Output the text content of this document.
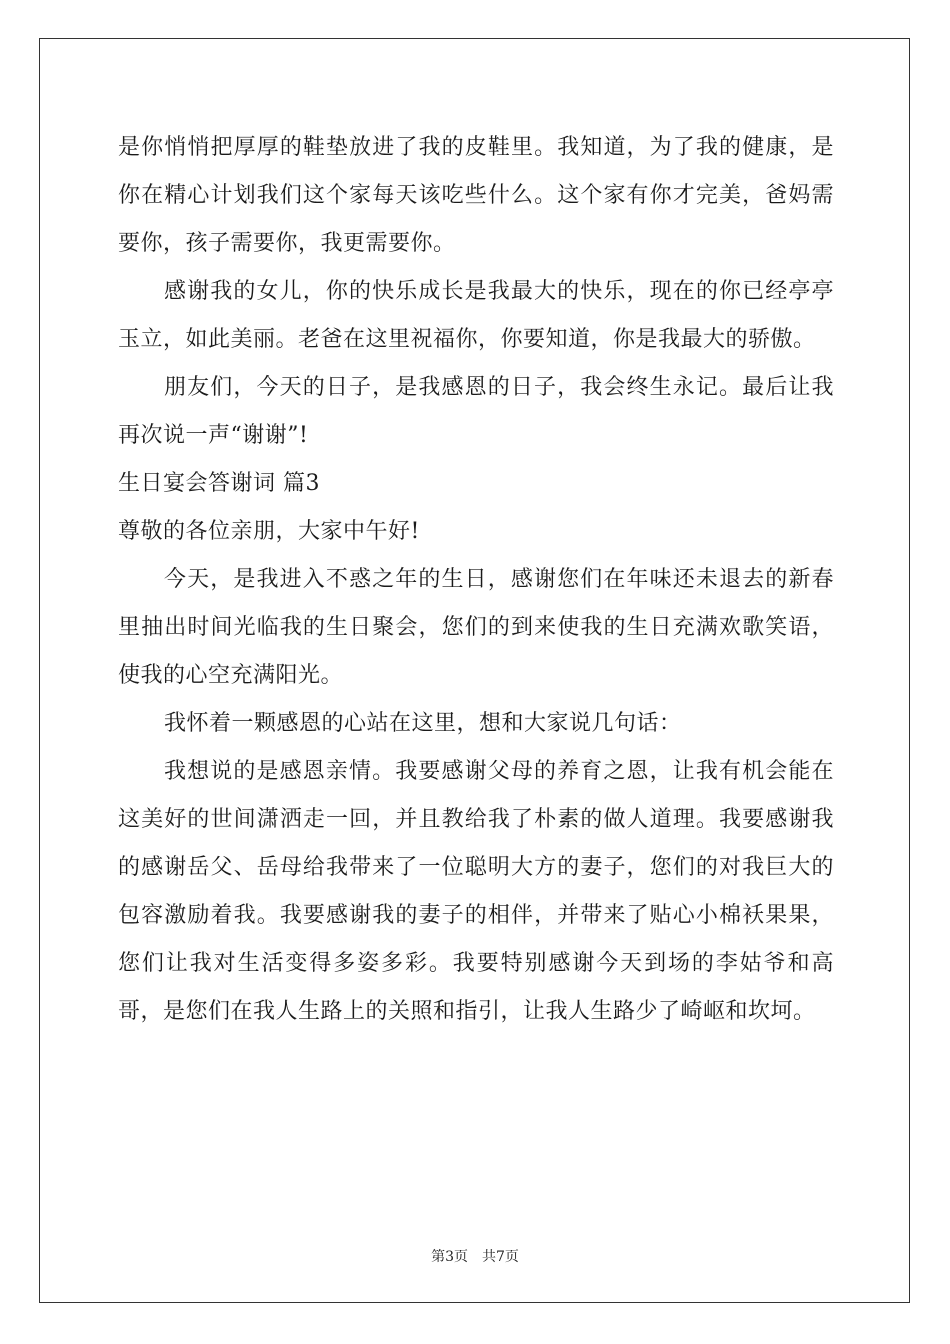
是你悄悄把厚厚的鞋垫放进了我的皮鞋里。我知道，为了我的健康，是你在精心计划我们这个家每天该吃些什么。这个家有你才完美，爸妈需要你，孩子需要你，我更需要你。

感谢我的女儿，你的快乐成长是我最大的快乐，现在的你已经亭亭玉立，如此美丽。老爸在这里祝福你，你要知道，你是我最大的骄傲。

朋友们，今天的日子，是我感恩的日子，我会终生永记。最后让我再次说一声“谢谢”!

生日宴会答谢词 篇3

尊敬的各位亲朋，大家中午好!

今天，是我进入不惑之年的生日，感谢您们在年味还未退去的新春里抽出时间光临我的生日聚会，您们的到来使我的生日充满欢歌笑语，使我的心空充满阳光。

我怀着一颗感恩的心站在这里，想和大家说几句话：

我想说的是感恩亲情。我要感谢父母的养育之恩，让我有机会能在这美好的世间潇洒走一回，并且教给我了朴素的做人道理。我要感谢我的感谢岳父、岳母给我带来了一位聪明大方的妻子，您们的对我巨大的包容激励着我。我要感谢我的妻子的相伴，并带来了贴心小棉袄果果，您们让我对生活变得多姿多彩。我要特别感谢今天到场的李姑爷和高哥，是您们在我人生路上的关照和指引，让我人生路少了崎岖和坎坷。

第3页　共7页
